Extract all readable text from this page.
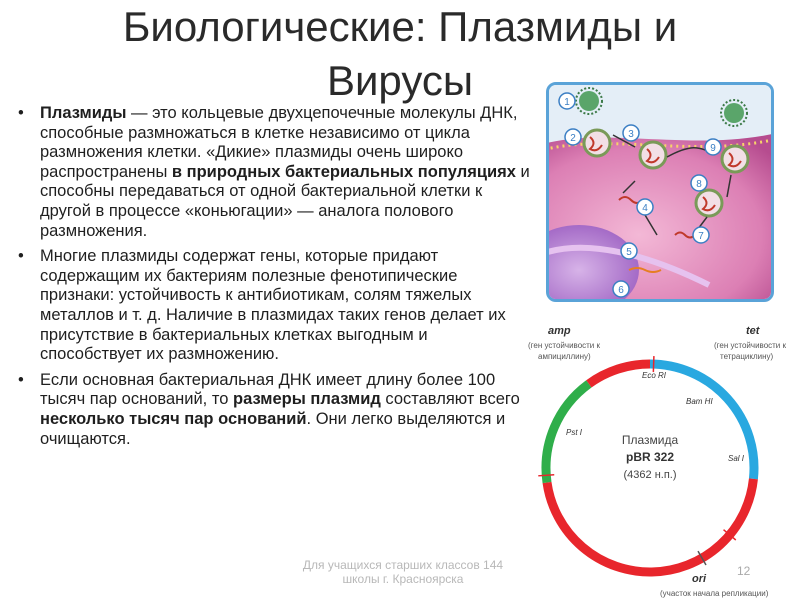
Биологические: Плазмиды и
Вирусы
• Плазмиды — это кольцевые двухцепочечные молекулы ДНК, способные размножаться в клетке независимо от цикла размножения клетки. «Дикие» плазмиды очень широко распространены в природных бактериальных популяциях и способны передаваться от одной бактериальной клетки к другой в процессе «коньюгации» — аналога полового размножения.
• Многие плазмиды содержат гены, которые придают содержащим их бактериям полезные фенотипические признаки: устойчивость к антибиотикам, солям тяжелых металлов и т. д. Наличие в плазмидах таких генов делает их присутствие в бактериальных клетках выгодным и способствует их размножению.
• Если основная бактериальная ДНК имеет длину более 100 тысяч пар оснований, то размеры плазмид составляют всего несколько тысяч пар оснований. Они легко выделяются и очищаются.
1
2	3
4
5
6
7
8
9
amp
(ген устойчивости к
ампициллину)
tet
(ген устойчивости к
тетрациклину)
Eco RI
Bam HI
Sal I
Pst I
Плазмида
pBR 322
(4362 н.п.)
ori
(участок начала репликации)
Для учащихся старших классов 144
школы г. Красноярска
12
